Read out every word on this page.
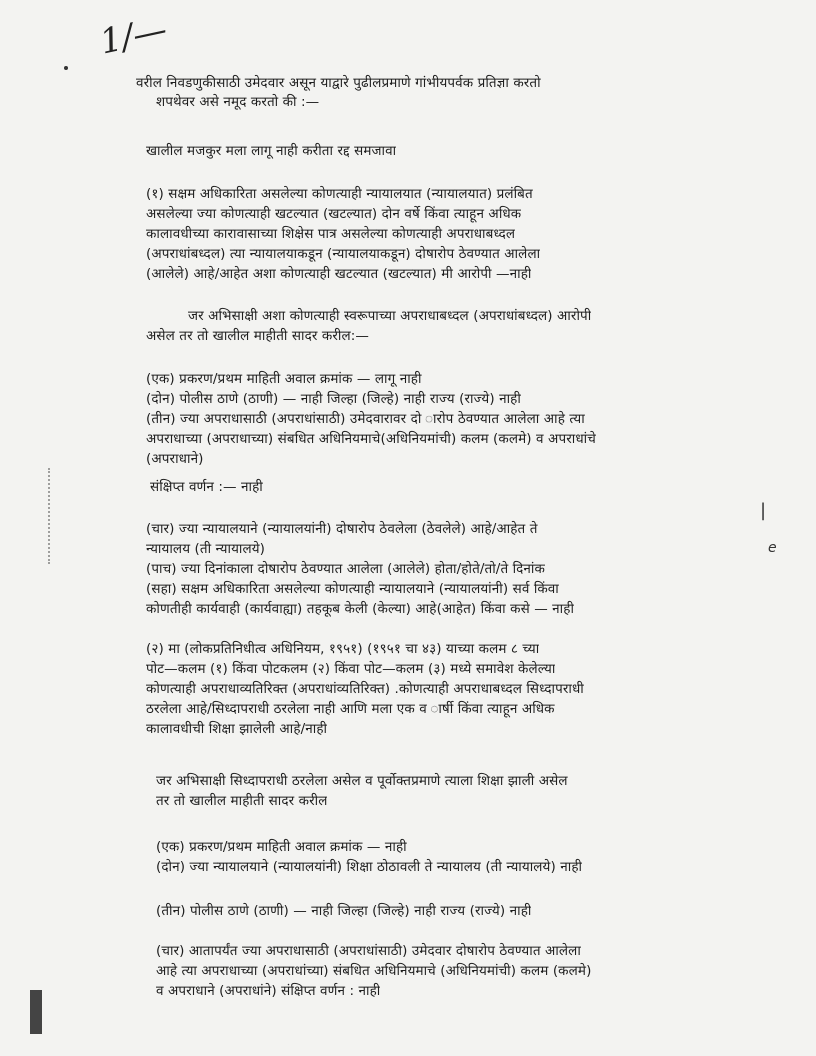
1/—
|
e
वरील निवडणुकीसाठी उमेदवार असून याद्वारे पुढीलप्रमाणे गांभीयपर्वक प्रतिज्ञा करतो
शपथेवर असे नमूद करतो की :—
खालील मजकुर मला लागू नाही करीता रद्द समजावा
(१) सक्षम अधिकारिता असलेल्या कोणत्याही न्यायालयात (न्यायालयात) प्रलंबित
असलेल्या ज्या कोणत्याही खटल्यात (खटल्यात) दोन वर्षे किंवा त्याहून अधिक
कालावधीच्या कारावासाच्या शिक्षेस पात्र असलेल्या कोणत्याही अपराधाबध्दल
(अपराधांबध्दल) त्या न्यायालयाकडून (न्यायालयाकडून) दोषारोप ठेवण्यात आलेला
(आलेले) आहे/आहेत अशा कोणत्याही खटल्यात (खटल्यात) मी आरोपी —नाही
जर अभिसाक्षी अशा कोणत्याही स्वरूपाच्या अपराधाबध्दल (अपराधांबध्दल) आरोपी
असेल तर तो खालील माहीती सादर करील:—
(एक) प्रकरण/प्रथम माहिती अवाल क्रमांक — लागू नाही
(दोन) पोलीस ठाणे (ठाणी) — नाही जिल्हा (जिल्हे) नाही राज्य (राज्ये) नाही
(तीन) ज्या अपराधासाठी (अपराधांसाठी) उमेदवारावर दो ारोप ठेवण्यात आलेला आहे त्या
अपराधाच्या (अपराधाच्या) संबधित अधिनियमाचे(अधिनियमांची) कलम (कलमे) व अपराधांचे
(अपराधाने)
संक्षिप्त वर्णन :— नाही
(चार) ज्या न्यायालयाने (न्यायालयांनी) दोषारोप ठेवलेला (ठेवलेले) आहे/आहेत ते
न्यायालय (ती न्यायालये)
(पाच) ज्या दिनांकाला दोषारोप ठेवण्यात आलेला (आलेले) होता/होते/तो/ते दिनांक
(सहा) सक्षम अधिकारिता असलेल्या कोणत्याही न्यायालयाने (न्यायालयांनी) सर्व किंवा
कोणतीही कार्यवाही (कार्यवाह्या) तहकूब केली (केल्या) आहे(आहेत) किंवा कसे — नाही
(२) मा (लोकप्रतिनिधीत्व अधिनियम, १९५१) (१९५१ चा ४३) याच्या कलम ८ च्या
पोट—कलम (१) किंवा पोटकलम (२) किंवा पोट—कलम (३) मध्ये समावेश केलेल्या
कोणत्याही अपराधाव्यतिरिक्त (अपराधांव्यतिरिक्त) .कोणत्याही अपराधाबध्दल सिध्दापराधी
ठरलेला आहे/सिध्दापराधी ठरलेला नाही आणि मला एक व ार्षी किंवा त्याहून अधिक
कालावधीची शिक्षा झालेली आहे/नाही
जर अभिसाक्षी सिध्दापराधी ठरलेला असेल व पूर्वोक्तप्रमाणे त्याला शिक्षा झाली असेल
तर तो खालील माहीती सादर करील
(एक) प्रकरण/प्रथम माहिती अवाल क्रमांक — नाही
(दोन) ज्या न्यायालयाने (न्यायालयांनी) शिक्षा ठोठावली ते न्यायालय (ती न्यायालये) नाही
(तीन) पोलीस ठाणे (ठाणी) — नाही जिल्हा (जिल्हे) नाही राज्य (राज्ये) नाही
(चार) आतापर्यंत ज्या अपराधासाठी (अपराधांसाठी) उमेदवार दोषारोप ठेवण्यात आलेला
आहे त्या अपराधाच्या (अपराधांच्या) संबधित अधिनियमाचे (अधिनियमांची) कलम (कलमे)
व अपराधाने (अपराधांने) संक्षिप्त वर्णन : नाही
